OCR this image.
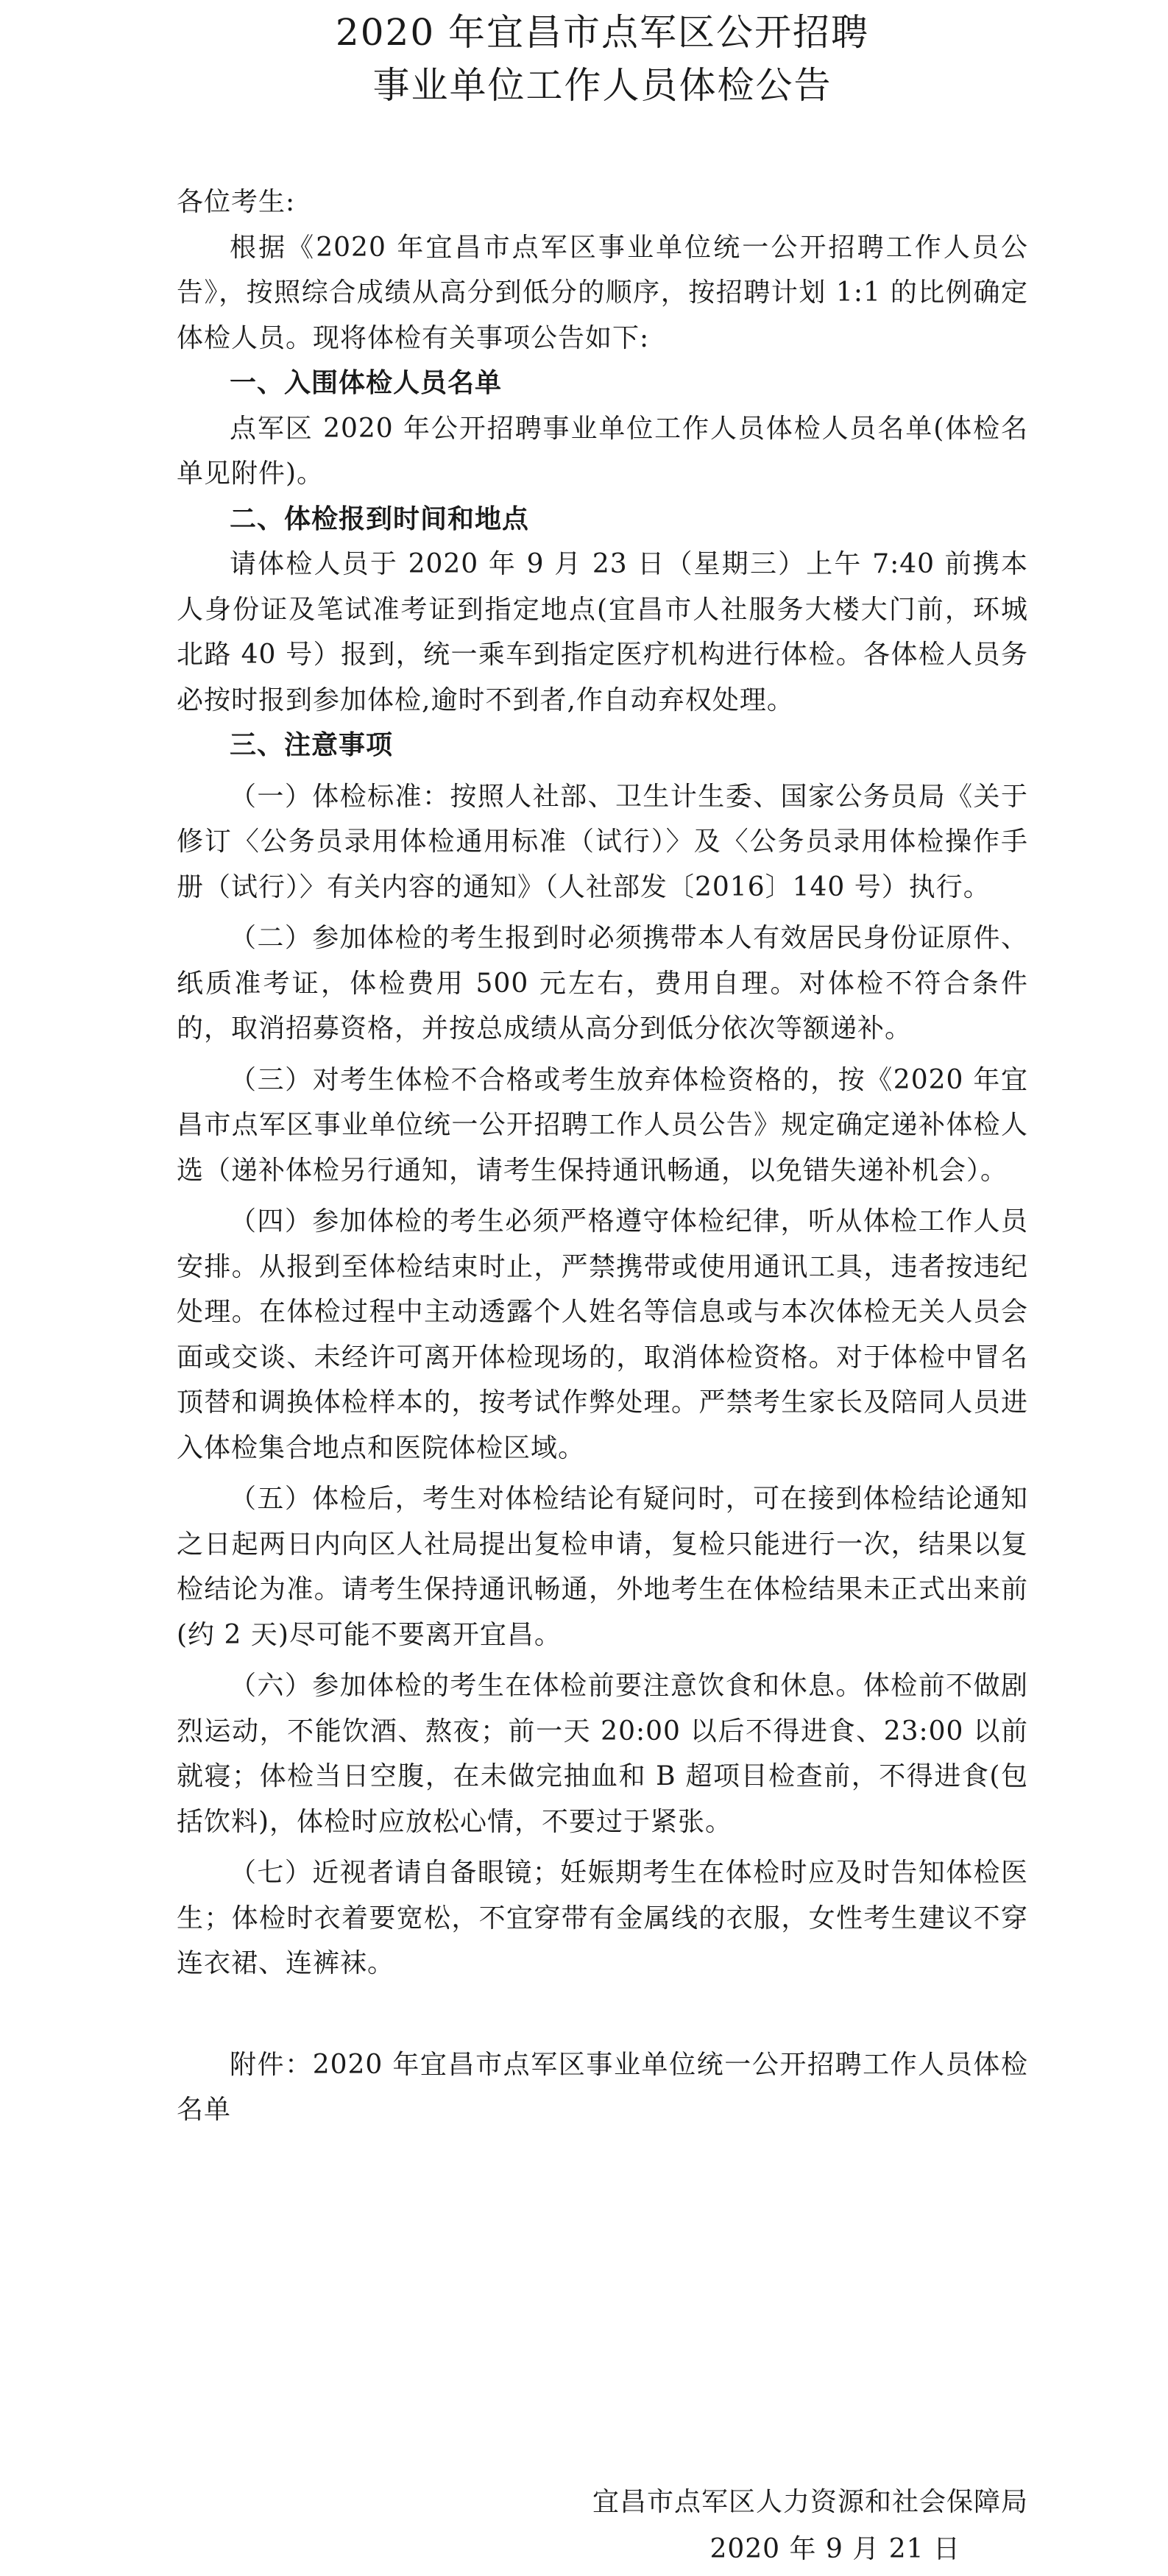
2020 年宜昌市点军区公开招聘
事业单位工作人员体检公告

各位考生:

根据《2020 年宜昌市点军区事业单位统一公开招聘工作人员公告》，按照综合成绩从高分到低分的顺序，按招聘计划 1:1 的比例确定体检人员。现将体检有关事项公告如下:

一、入围体检人员名单

点军区 2020 年公开招聘事业单位工作人员体检人员名单(体检名单见附件)。

二、体检报到时间和地点

请体检人员于 2020 年 9 月 23 日（星期三）上午 7:40 前携本人身份证及笔试准考证到指定地点(宜昌市人社服务大楼大门前，环城北路 40 号）报到，统一乘车到指定医疗机构进行体检。各体检人员务必按时报到参加体检,逾时不到者,作自动弃权处理。

三、注意事项

（一）体检标准：按照人社部、卫生计生委、国家公务员局《关于修订〈公务员录用体检通用标准（试行）〉及〈公务员录用体检操作手册（试行）〉有关内容的通知》（人社部发〔2016〕140 号）执行。

（二）参加体检的考生报到时必须携带本人有效居民身份证原件、纸质准考证，体检费用 500 元左右，费用自理。对体检不符合条件的，取消招募资格，并按总成绩从高分到低分依次等额递补。

（三）对考生体检不合格或考生放弃体检资格的，按《2020 年宜昌市点军区事业单位统一公开招聘工作人员公告》规定确定递补体检人选（递补体检另行通知，请考生保持通讯畅通，以免错失递补机会）。

（四）参加体检的考生必须严格遵守体检纪律，听从体检工作人员安排。从报到至体检结束时止，严禁携带或使用通讯工具，违者按违纪处理。在体检过程中主动透露个人姓名等信息或与本次体检无关人员会面或交谈、未经许可离开体检现场的，取消体检资格。对于体检中冒名顶替和调换体检样本的，按考试作弊处理。严禁考生家长及陪同人员进入体检集合地点和医院体检区域。

（五）体检后，考生对体检结论有疑问时，可在接到体检结论通知之日起两日内向区人社局提出复检申请，复检只能进行一次，结果以复检结论为准。请考生保持通讯畅通，外地考生在体检结果未正式出来前(约 2 天)尽可能不要离开宜昌。

（六）参加体检的考生在体检前要注意饮食和休息。体检前不做剧烈运动，不能饮酒、熬夜；前一天 20:00 以后不得进食、23:00 以前就寝；体检当日空腹，在未做完抽血和 B 超项目检查前，不得进食(包括饮料)，体检时应放松心情，不要过于紧张。

（七）近视者请自备眼镜；妊娠期考生在体检时应及时告知体检医生；体检时衣着要宽松，不宜穿带有金属线的衣服，女性考生建议不穿连衣裙、连裤袜。

附件：2020 年宜昌市点军区事业单位统一公开招聘工作人员体检名单

宜昌市点军区人力资源和社会保障局
2020 年 9 月 21 日
